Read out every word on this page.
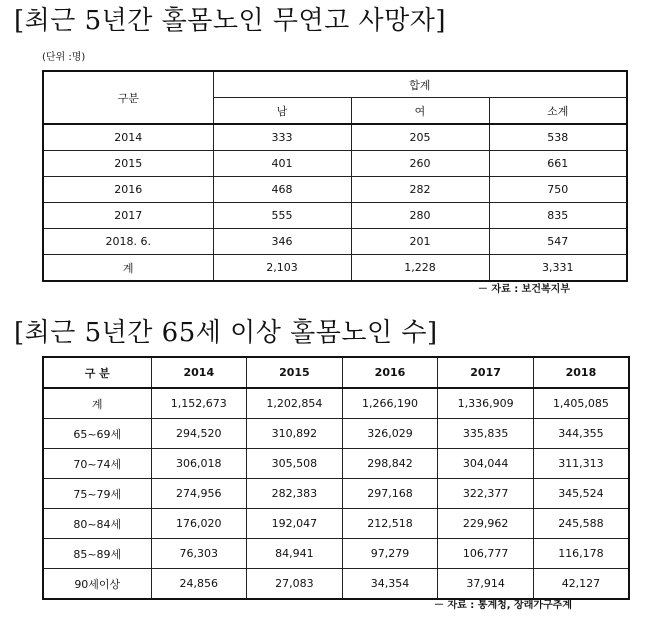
[최근 5년간 홀몸노인 무연고 사망자]
(단위 :명)
구분	합계		
	남	여	소계
2014	333	205	538
2015	401	260	661
2016	468	282	750
2017	555	280	835
2018. 6.	346	201	547
계	2,103	1,228	3,331
－ 자료 : 보건복지부
[최근 5년간 65세 이상 홀몸노인 수]
구 분	2014	2015	2016	2017	2018
계	1,152,673	1,202,854	1,266,190	1,336,909	1,405,085
65~69세	294,520	310,892	326,029	335,835	344,355
70~74세	306,018	305,508	298,842	304,044	311,313
75~79세	274,956	282,383	297,168	322,377	345,524
80~84세	176,020	192,047	212,518	229,962	245,588
85~89세	76,303	84,941	97,279	106,777	116,178
90세이상	24,856	27,083	34,354	37,914	42,127
－ 자료 : 통계청, 장래가구추계
